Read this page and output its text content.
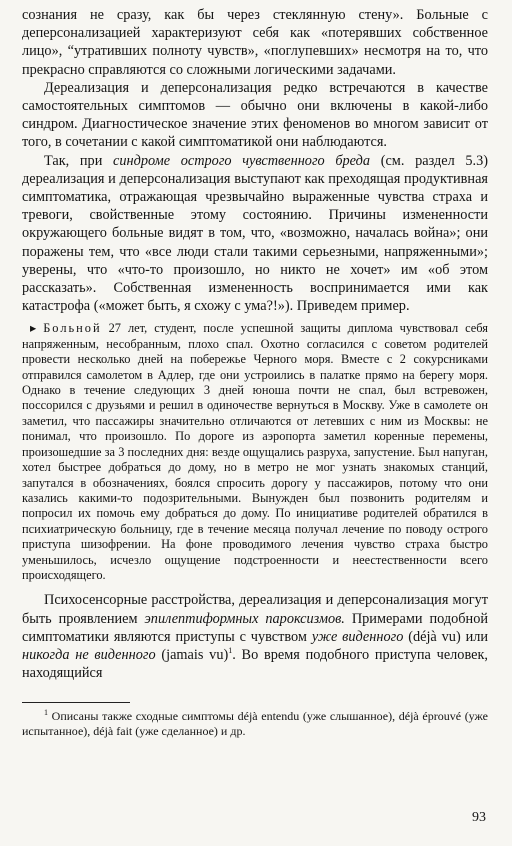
сознания не сразу, как бы через стеклянную стену». Больные с деперсонализацией характеризуют себя как «потерявших собственное лицо», “утративших полноту чувств», «поглупевших» несмотря на то, что прекрасно справляются со сложными логическими задачами.

Дереализация и деперсонализация редко встречаются в качестве самостоятельных симптомов — обычно они включены в какой-либо синдром. Диагностическое значение этих феноменов во многом зависит от того, в сочетании с какой симптоматикой они наблюдаются.

Так, при синдроме острого чувственного бреда (см. раздел 5.3) дереализация и деперсонализация выступают как преходящая продуктивная симптоматика, отражающая чрезвычайно выраженные чувства страха и тревоги, свойственные этому состоянию. Причины измененности окружающего больные видят в том, что, «возможно, началась война»; они поражены тем, что «все люди стали такими серьезными, напряженными»; уверены, что «что-то произошло, но никто не хочет» им «об этом рассказать». Собственная измененность воспринимается ими как катастрофа («может быть, я схожу с ума?!»). Приведем пример.

▸ Больной 27 лет, студент, после успешной защиты диплома чувствовал себя напряженным, несобранным, плохо спал. Охотно согласился с советом родителей провести несколько дней на побережье Черного моря. Вместе с 2 сокурсниками отправился самолетом в Адлер, где они устроились в палатке прямо на берегу моря. Однако в течение следующих 3 дней юноша почти не спал, был встревожен, поссорился с друзьями и решил в одиночестве вернуться в Москву. Уже в самолете он заметил, что пассажиры значительно отличаются от летевших с ним из Москвы: не понимал, что произошло. По дороге из аэропорта заметил коренные перемены, произошедшие за 3 последних дня: везде ощущались разруха, запустение. Был напуган, хотел быстрее добраться до дому, но в метро не мог узнать знакомых станций, запутался в обозначениях, боялся спросить дорогу у пассажиров, потому что они казались какими-то подозрительными. Вынужден был позвонить родителям и попросил их помочь ему добраться до дому. По инициативе родителей обратился в психиатрическую больницу, где в течение месяца получал лечение по поводу острого приступа шизофрении. На фоне проводимого лечения чувство страха быстро уменьшилось, исчезло ощущение подстроенности и неестественности всего происходящего.

Психосенсорные расстройства, дереализация и деперсонализация могут быть проявлением эпилептиформных пароксизмов. Примерами подобной симптоматики являются приступы с чувством уже виденного (déjà vu) или никогда не виденного (jamais vu)$^1$. Во время подобного приступа человек, находящийся

$^1$ Описаны также сходные симптомы déjà entendu (уже слышанное), déjà éprouvé (уже испытанное), déjà fait (уже сделанное) и др.

93
